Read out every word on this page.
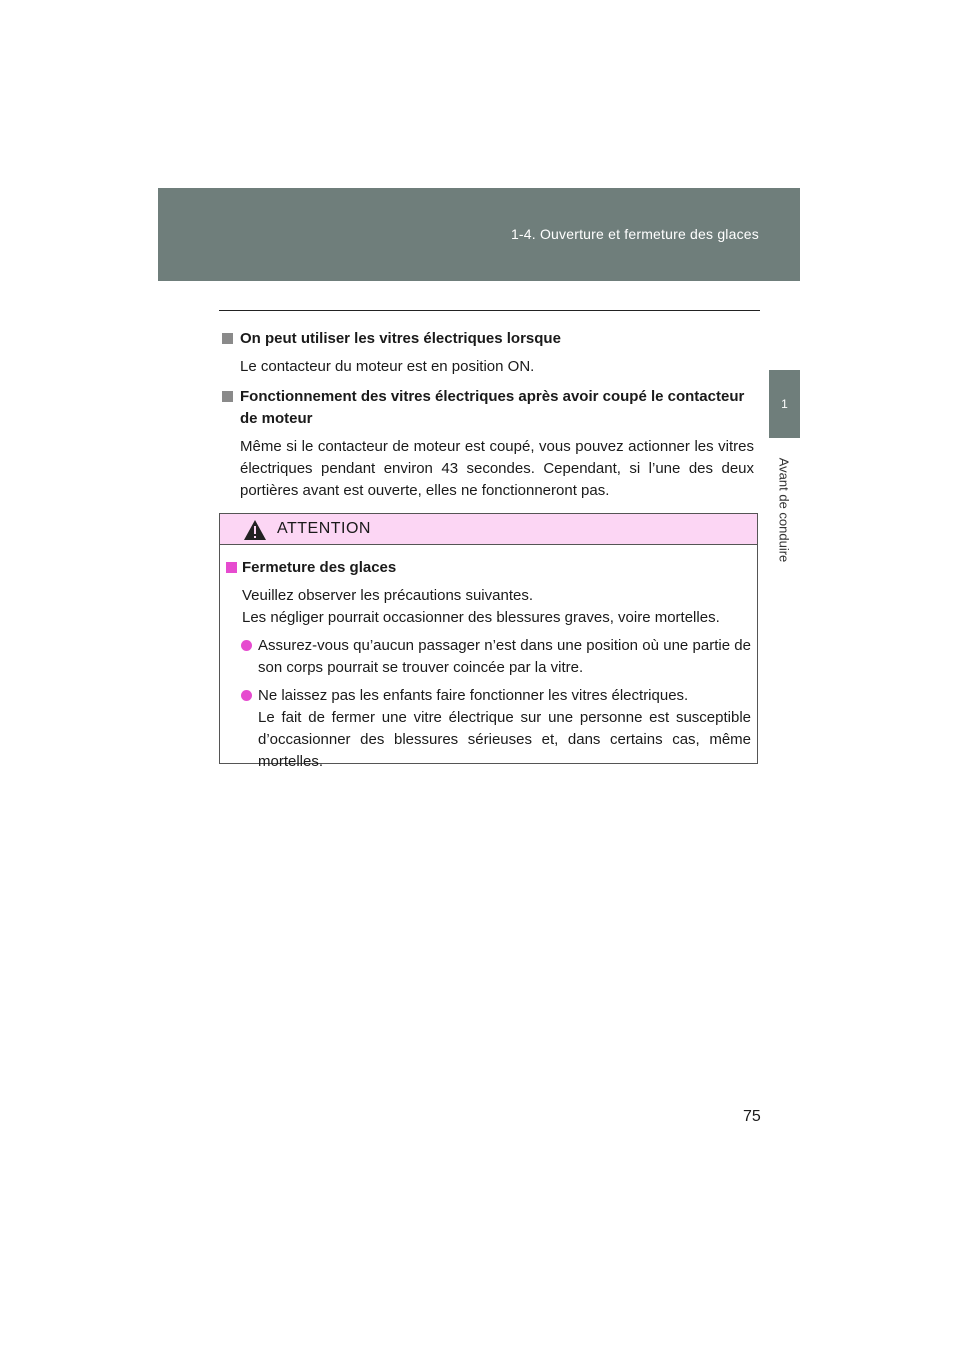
1-4. Ouverture et fermeture des glaces
1
Avant de conduire
On peut utiliser les vitres électriques lorsque
Le contacteur du moteur est en position ON.
Fonctionnement des vitres électriques après avoir coupé le contacteur de moteur
Même si le contacteur de moteur est coupé, vous pouvez actionner les vitres électriques pendant environ 43 secondes. Cependant, si l’une des deux portières avant est ouverte, elles ne fonctionneront pas.
ATTENTION
Fermeture des glaces
Veuillez observer les précautions suivantes.
Les négliger pourrait occasionner des blessures graves, voire mortelles.
Assurez-vous qu’aucun passager n’est dans une position où une partie de son corps pourrait se trouver coincée par la vitre.
Ne laissez pas les enfants faire fonctionner les vitres électriques.
Le fait de fermer une vitre électrique sur une personne est susceptible d’occasionner des blessures sérieuses et, dans certains cas, même mortelles.
75
